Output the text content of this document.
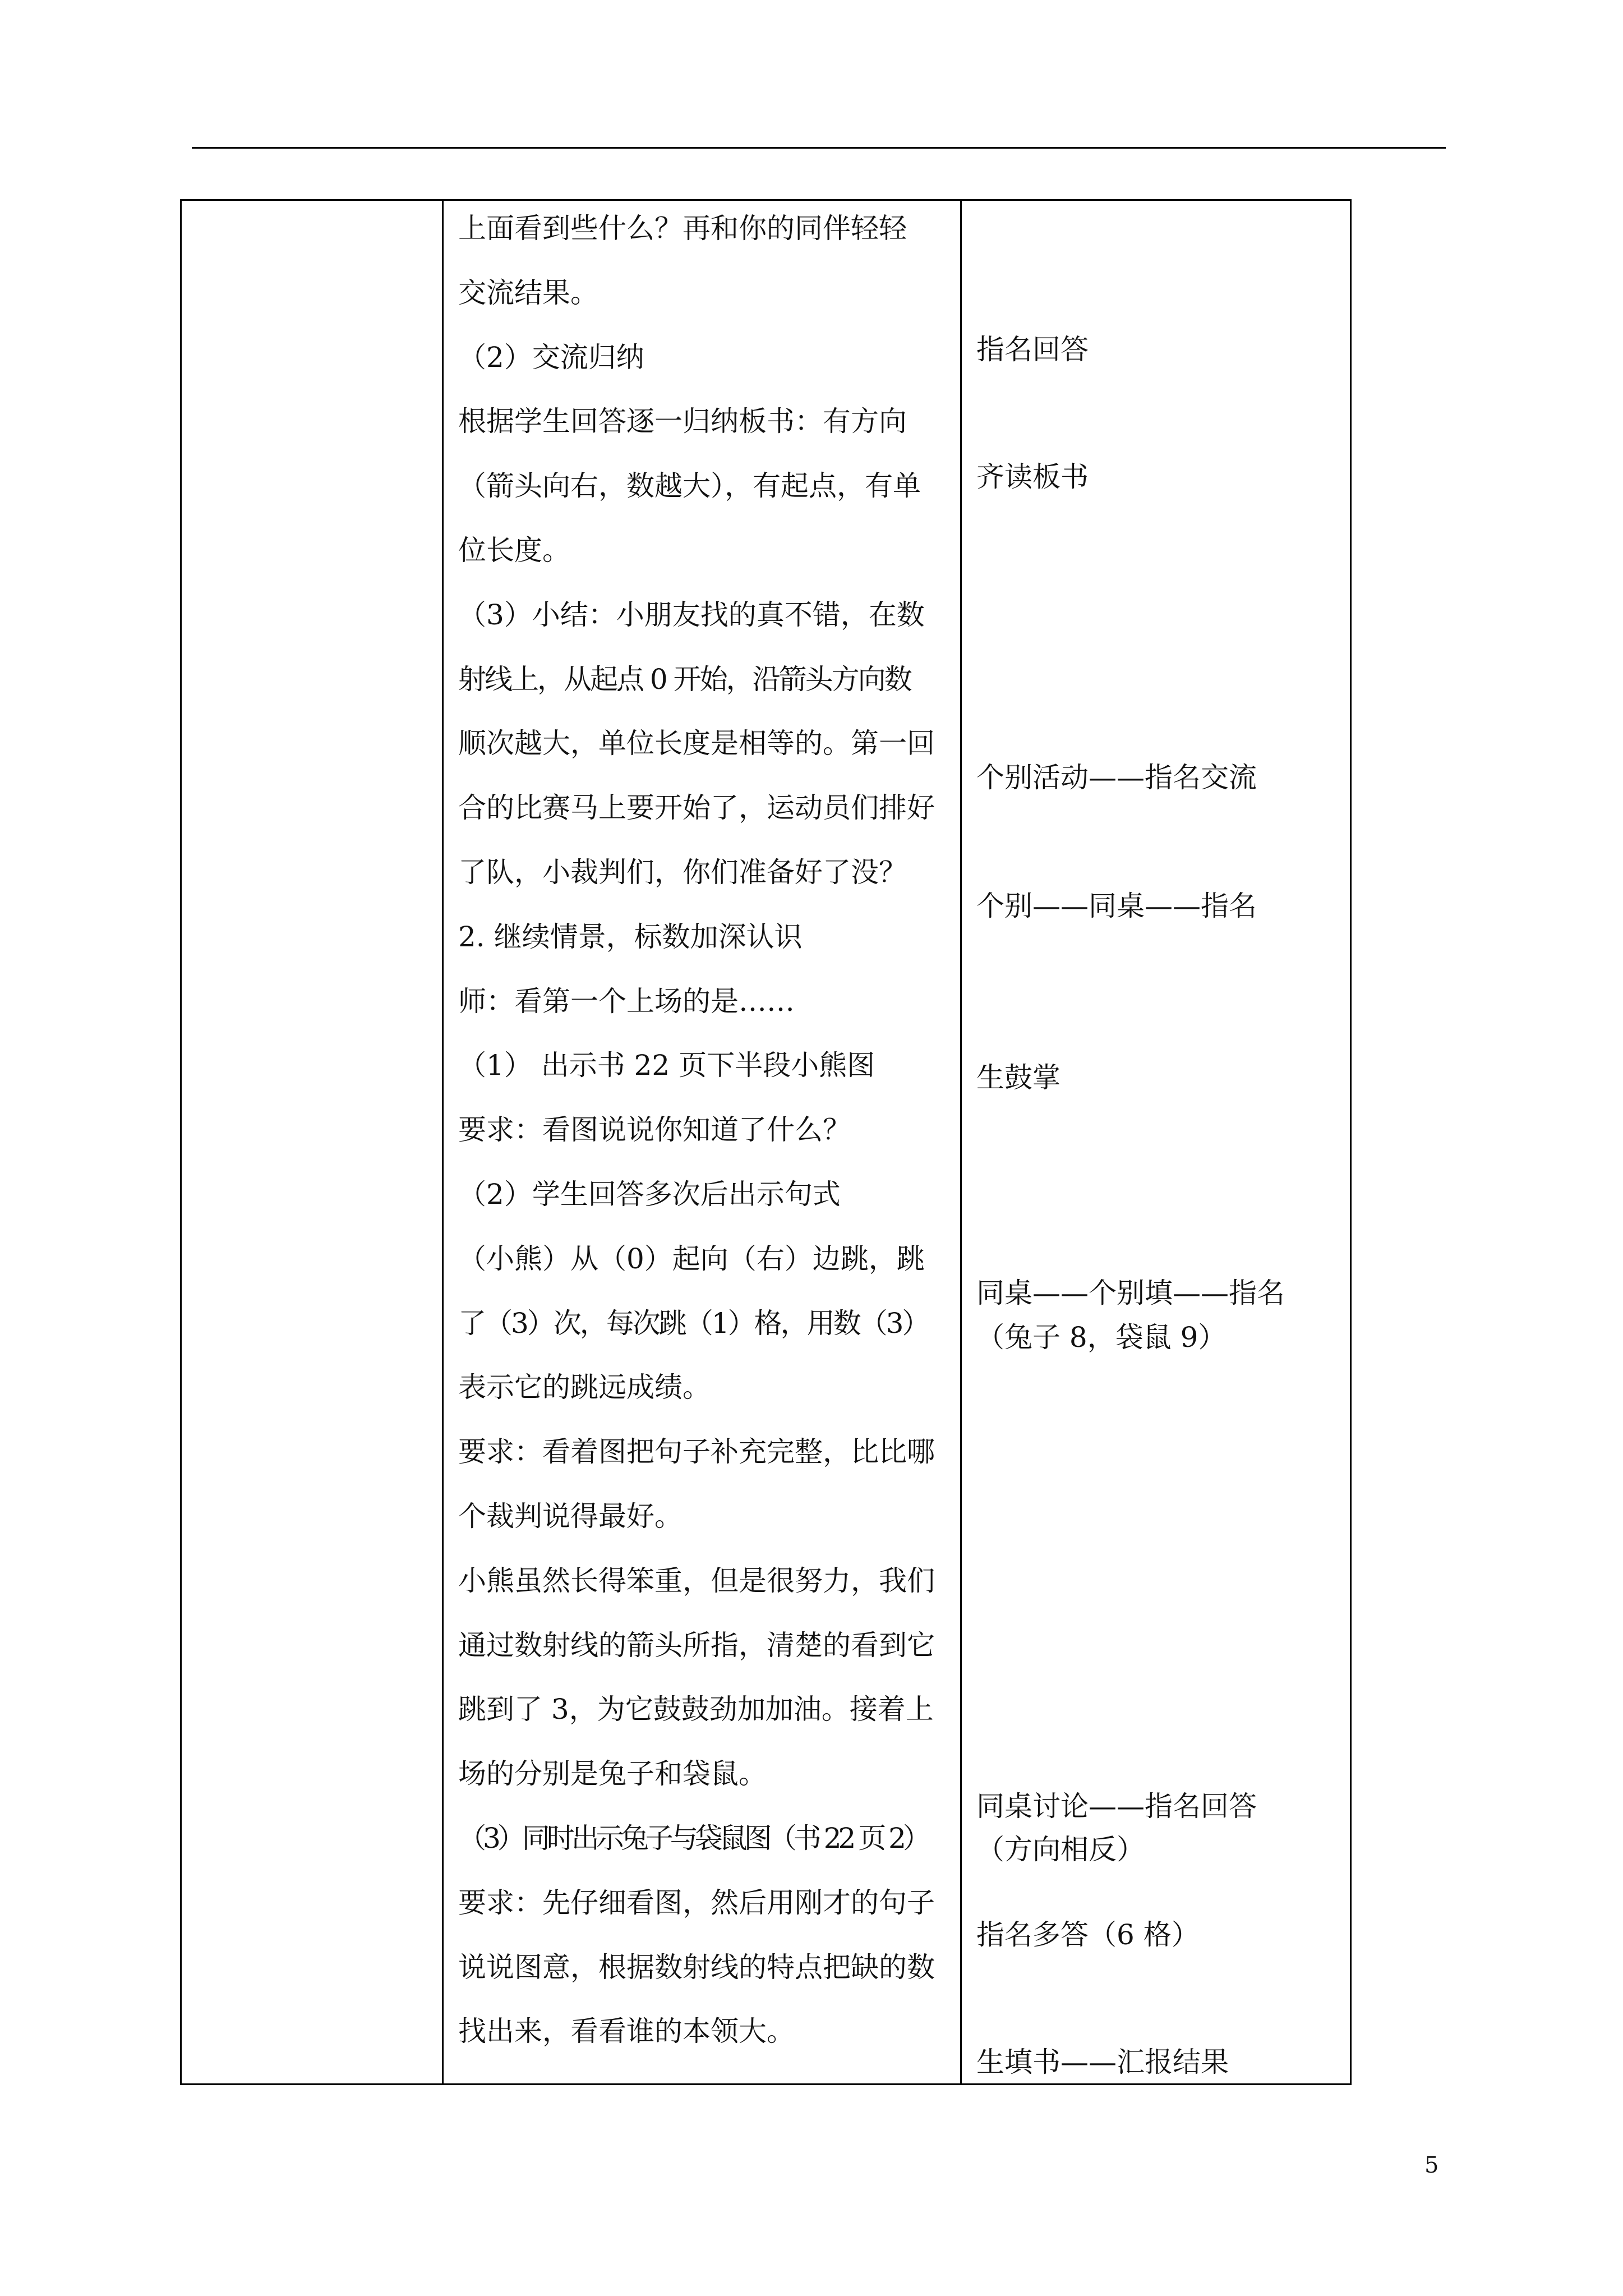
上面看到些什么？再和你的同伴轻轻
交流结果。
（2）交流归纳
根据学生回答逐一归纳板书：有方向
（箭头向右，数越大），有起点，有单
位长度。
（3）小结：小朋友找的真不错，在数
射线上，从起点 0 开始，沿箭头方向数
顺次越大，单位长度是相等的。第一回
合的比赛马上要开始了，运动员们排好
了队，小裁判们，你们准备好了没？
2. 继续情景，标数加深认识
师：看第一个上场的是……
（1） 出示书 22 页下半段小熊图
要求：看图说说你知道了什么？
（2）学生回答多次后出示句式
（小熊）从（0）起向（右）边跳，跳
了（3）次，每次跳（1）格，用数（3）
表示它的跳远成绩。
要求：看着图把句子补充完整，比比哪
个裁判说得最好。
小熊虽然长得笨重，但是很努力，我们
通过数射线的箭头所指，清楚的看到它
跳到了 3，为它鼓鼓劲加加油。接着上
场的分别是兔子和袋鼠。
（3）同时出示兔子与袋鼠图（书 22 页 2）
要求：先仔细看图，然后用刚才的句子
说说图意，根据数射线的特点把缺的数
找出来，看看谁的本领大。
指名回答
齐读板书
个别活动——指名交流
个别——同桌——指名
生鼓掌
同桌——个别填——指名
（兔子 8，袋鼠 9）
同桌讨论——指名回答
（方向相反）
指名多答（6 格）
生填书——汇报结果
5
